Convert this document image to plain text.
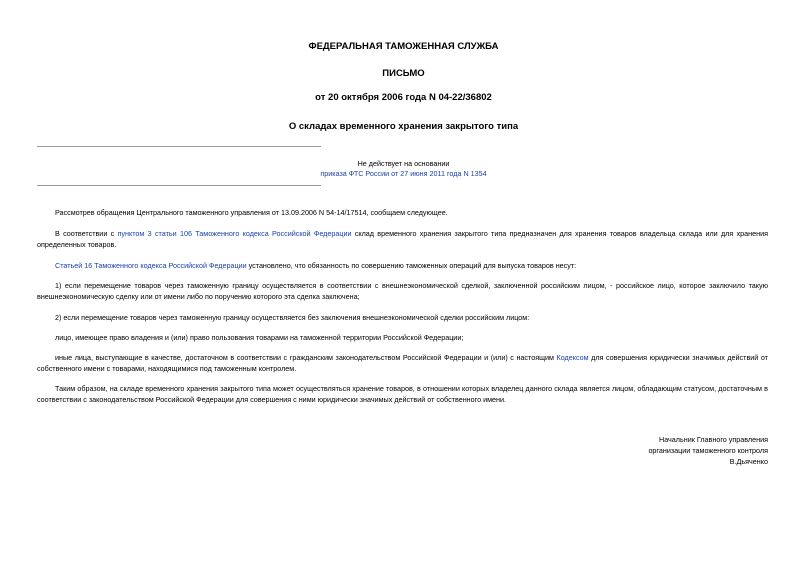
ФЕДЕРАЛЬНАЯ ТАМОЖЕННАЯ СЛУЖБА
ПИСЬМО
от 20 октября 2006 года N 04-22/36802
О складах временного хранения закрытого типа
Не действует на основании
приказа ФТС России от 27 июня 2011 года N 1354
Рассмотрев обращения Центрального таможенного управления от 13.09.2006 N 54-14/17514, сообщаем следующее.
В соответствии с пунктом 3 статьи 106 Таможенного кодекса Российской Федерации склад временного хранения закрытого типа предназначен для хранения товаров владельца склада или для хранения определенных товаров.
Статьей 16 Таможенного кодекса Российской Федерации установлено, что обязанность по совершению таможенных операций для выпуска товаров несут:
1) если перемещение товаров через таможенную границу осуществляется в соответствии с внешнеэкономической сделкой, заключенной российским лицом, - российское лицо, которое заключило такую внешнеэкономическую сделку или от имени либо по поручению которого эта сделка заключена;
2) если перемещение товаров через таможенную границу осуществляется без заключения внешнеэкономической сделки российским лицом:
лицо, имеющее право владения и (или) право пользования товарами на таможенной территории Российской Федерации;
иные лица, выступающие в качестве, достаточном в соответствии с гражданским законодательством Российской Федерации и (или) с настоящим Кодексом для совершения юридически значимых действий от собственного имени с товарами, находящимися под таможенным контролем.
Таким образом, на складе временного хранения закрытого типа может осуществляться хранение товаров, в отношении которых владелец данного склада является лицом, обладающим статусом, достаточным в соответствии с законодательством Российской Федерации для совершения с ними юридически значимых действий от собственного имени.
Начальник Главного управления
организации таможенного контроля
В.Дьяченко
